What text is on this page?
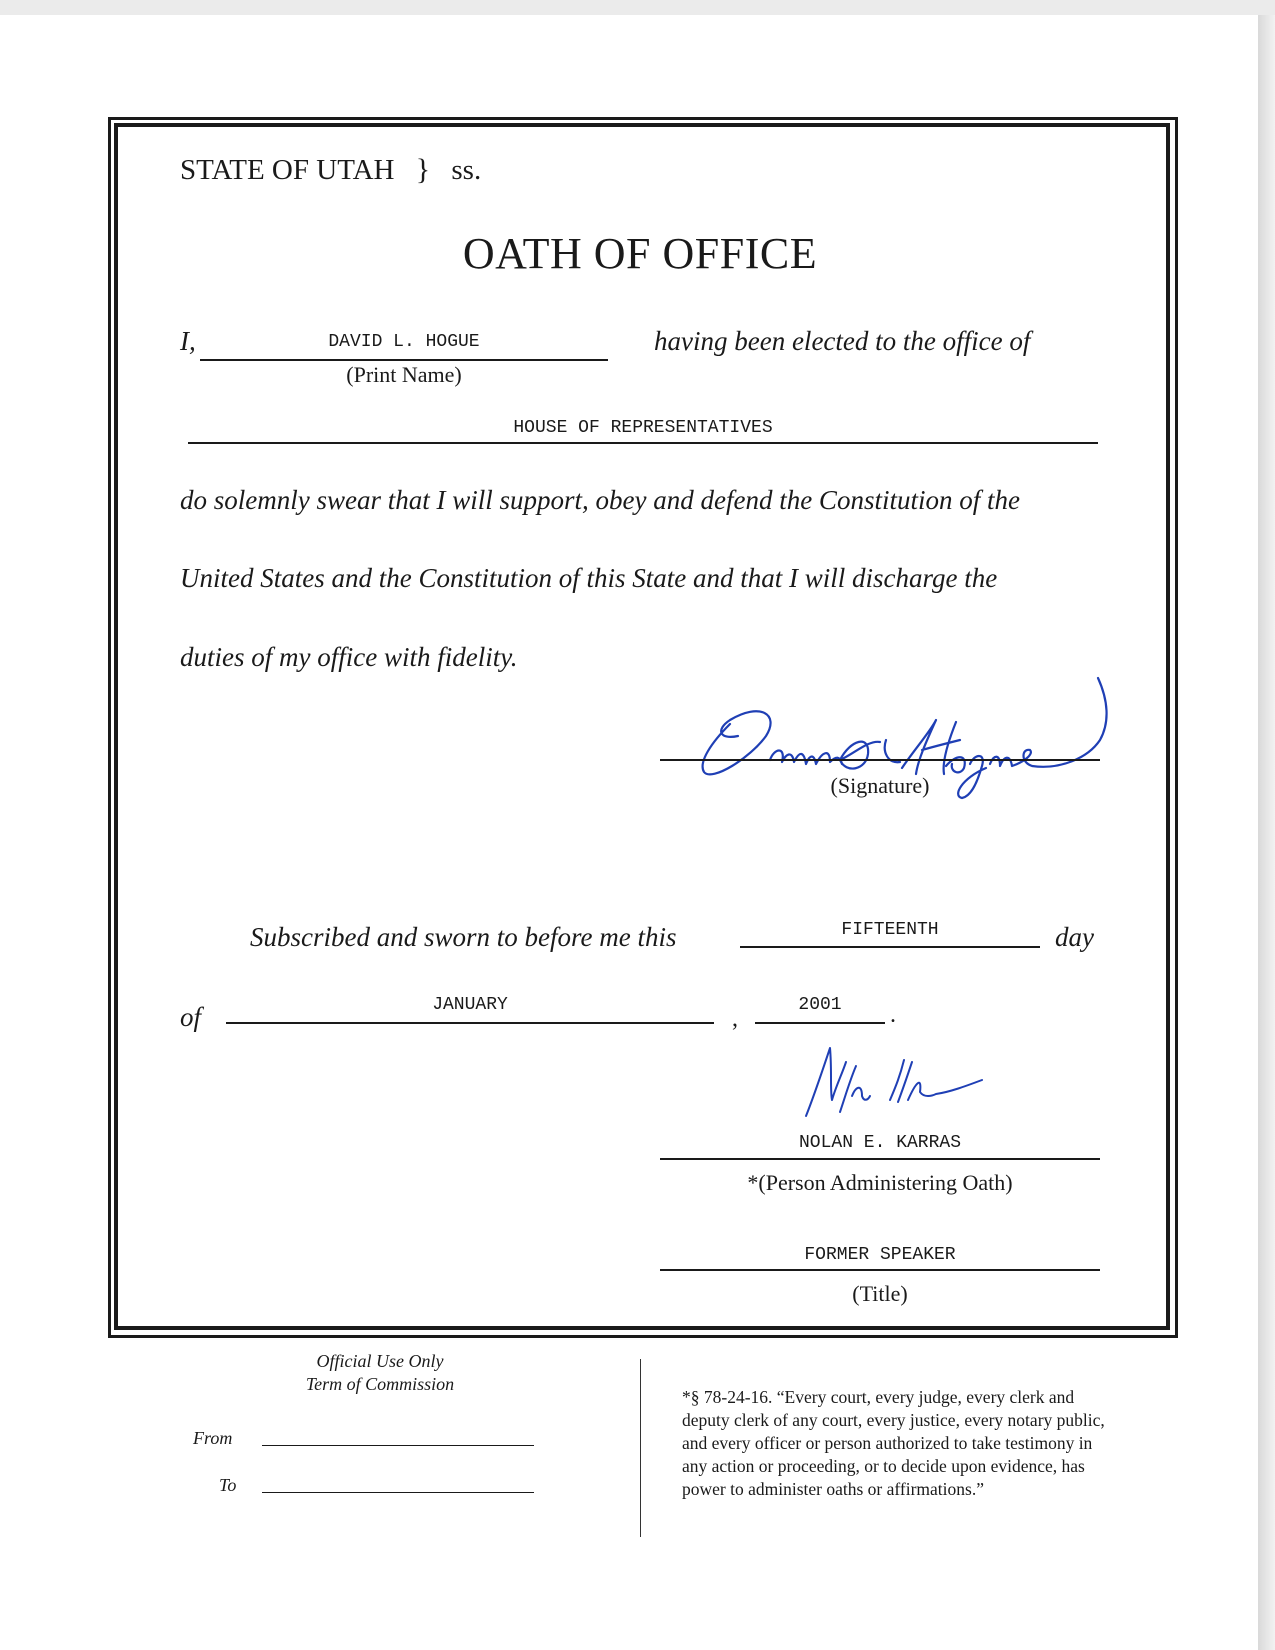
STATE OF UTAH } ss.
OATH OF OFFICE
I,	DAVID L. HOGUE
(Print Name)
having been elected to the office of
HOUSE OF REPRESENTATIVES
do solemnly swear that I will support, obey and defend the Constitution of the
United States and the Constitution of this State and that I will discharge the
duties of my office with fidelity.
(Signature)
Subscribed and sworn to before me this	FIFTEENTH	day
of	JANUARY
,
2001	.
NOLAN E. KARRAS
*(Person Administering Oath)
FORMER SPEAKER
(Title)
Official Use Only
Term of Commission
From
To
*§ 78-24-16. “Every court, every judge, every clerk and
deputy clerk of any court, every justice, every notary public,
and every officer or person authorized to take testimony in
any action or proceeding, or to decide upon evidence, has
power to administer oaths or affirmations.”
